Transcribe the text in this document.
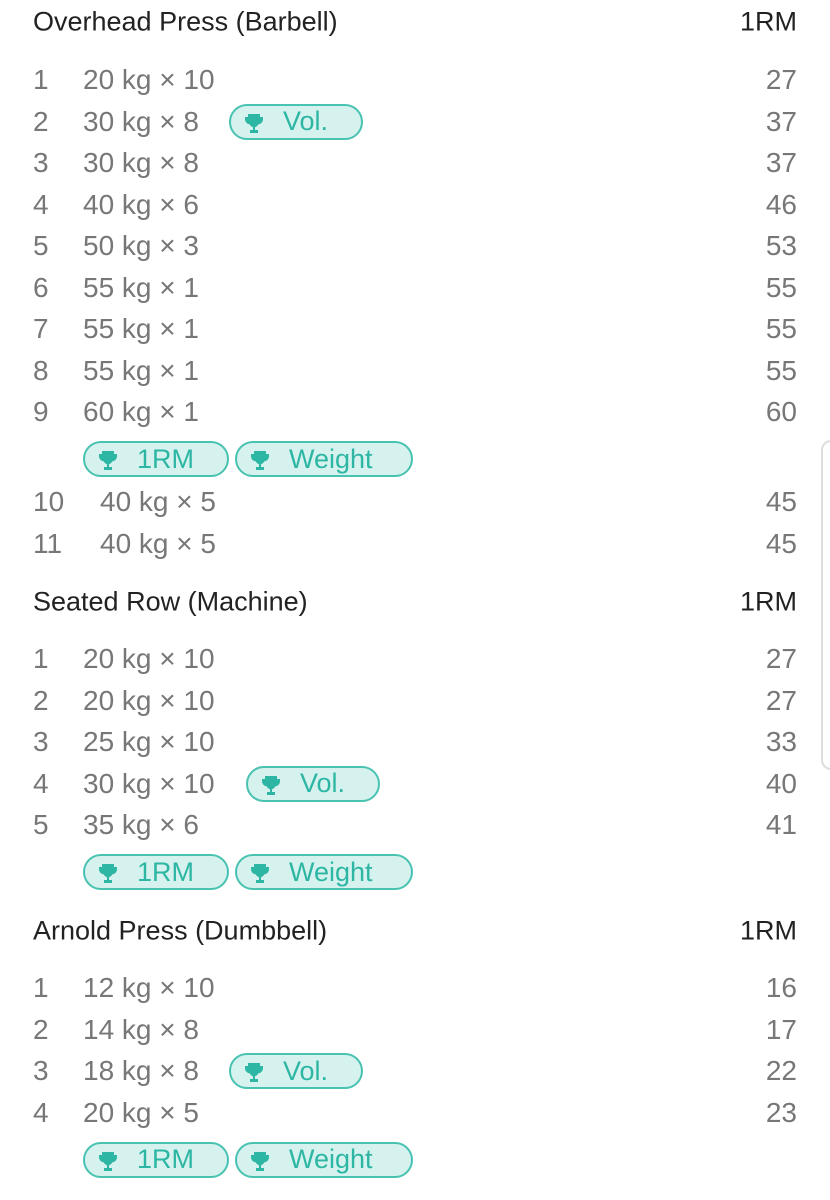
Overhead Press (Barbell)	1RM
1 20 kg × 10	27
2 30 kg × 8	37
Vol.
3 30 kg × 8	37
4 40 kg × 6	46
5 50 kg × 3	53
6 55 kg × 1	55
7 55 kg × 1	55
8 55 kg × 1	55
9 60 kg × 1	60
1RM	Weight
10 40 kg × 5	45
11 40 kg × 5	45
Seated Row (Machine)	1RM
1 20 kg × 10	27
2 20 kg × 10	27
3 25 kg × 10	33
4 30 kg × 10	40
Vol.
5 35 kg × 6	41
1RM	Weight
Arnold Press (Dumbbell)	1RM
1 12 kg × 10	16
2 14 kg × 8	17
3 18 kg × 8	22
Vol.
4 20 kg × 5	23
1RM	Weight
